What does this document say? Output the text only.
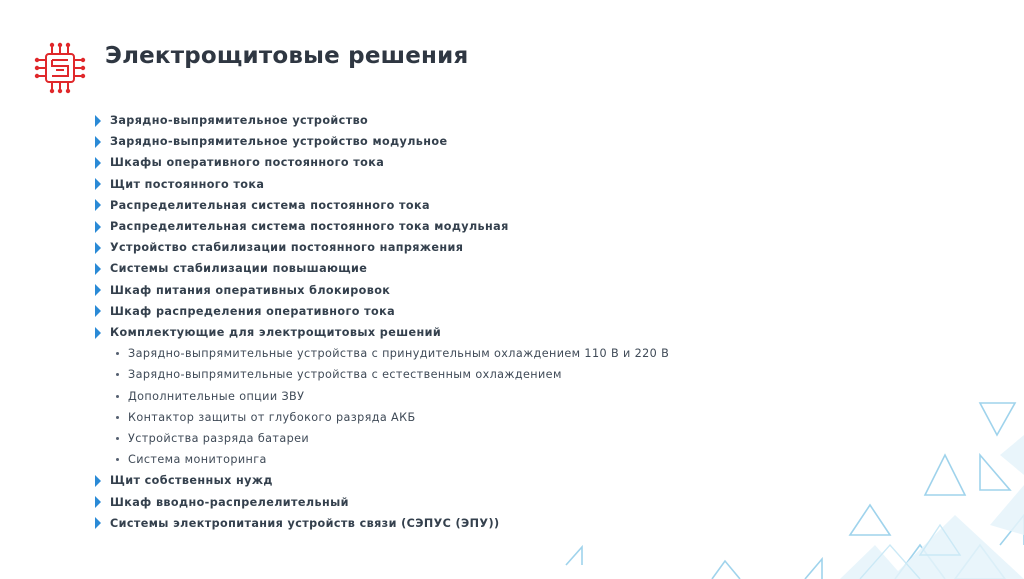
Электрощитовые решения
Зарядно-выпрямительное устройство
Зарядно-выпрямительное устройство модульное
Шкафы оперативного постоянного тока
Щит постоянного тока
Распределительная система постоянного тока
Распределительная система постоянного тока модульная
Устройство стабилизации постоянного напряжения
Системы стабилизации повышающие
Шкаф питания оперативных блокировок
Шкаф распределения оперативного тока
Комплектующие для электрощитовых решений
Зарядно-выпрямительные устройства с принудительным охлаждением 110 В и 220 В
Зарядно-выпрямительные устройства с естественным охлаждением
Дополнительные опции ЗВУ
Контактор защиты от глубокого разряда АКБ
Устройства разряда батареи
Система мониторинга
Щит собственных нужд
Шкаф вводно-распрелелительный
Системы электропитания устройств связи (СЭПУС (ЭПУ))
